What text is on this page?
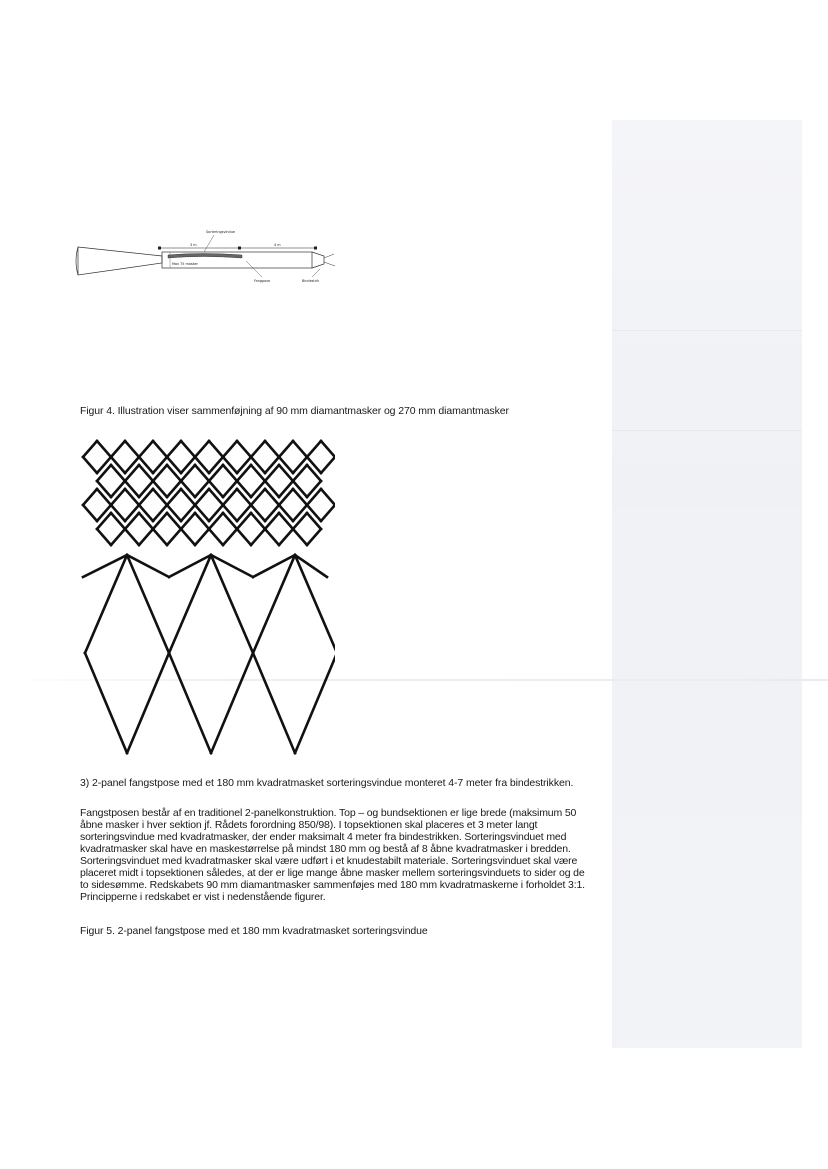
Sorteringsvindue
3 m	4 m
Max 75 masker
Fangpose	Bindestrik
Figur 4. Illustration viser sammenføjning af 90 mm diamantmasker og 270 mm diamantmasker
3) 2-panel fangstpose med et 180 mm kvadratmasket sorteringsvindue monteret 4-7 meter fra bindestrikken.
Fangstposen består af en traditionel 2-panelkonstruktion. Top – og bundsektionen er lige brede (maksimum 50
åbne masker i hver sektion jf. Rådets forordning 850/98). I topsektionen skal placeres et 3 meter langt
sorteringsvindue med kvadratmasker, der ender maksimalt 4 meter fra bindestrikken. Sorteringsvinduet med
kvadratmasker skal have en maskestørrelse på mindst 180 mm og bestå af 8 åbne kvadratmasker i bredden.
Sorteringsvinduet med kvadratmasker skal være udført i et knudestabilt materiale. Sorteringsvinduet skal være
placeret midt i topsektionen således, at der er lige mange åbne masker mellem sorteringsvinduets to sider og de
to sidesømme. Redskabets 90 mm diamantmasker sammenføjes med 180 mm kvadratmaskerne i forholdet 3:1.
Principperne i redskabet er vist i nedenstående figurer.
Figur 5. 2-panel fangstpose med et 180 mm kvadratmasket sorteringsvindue
